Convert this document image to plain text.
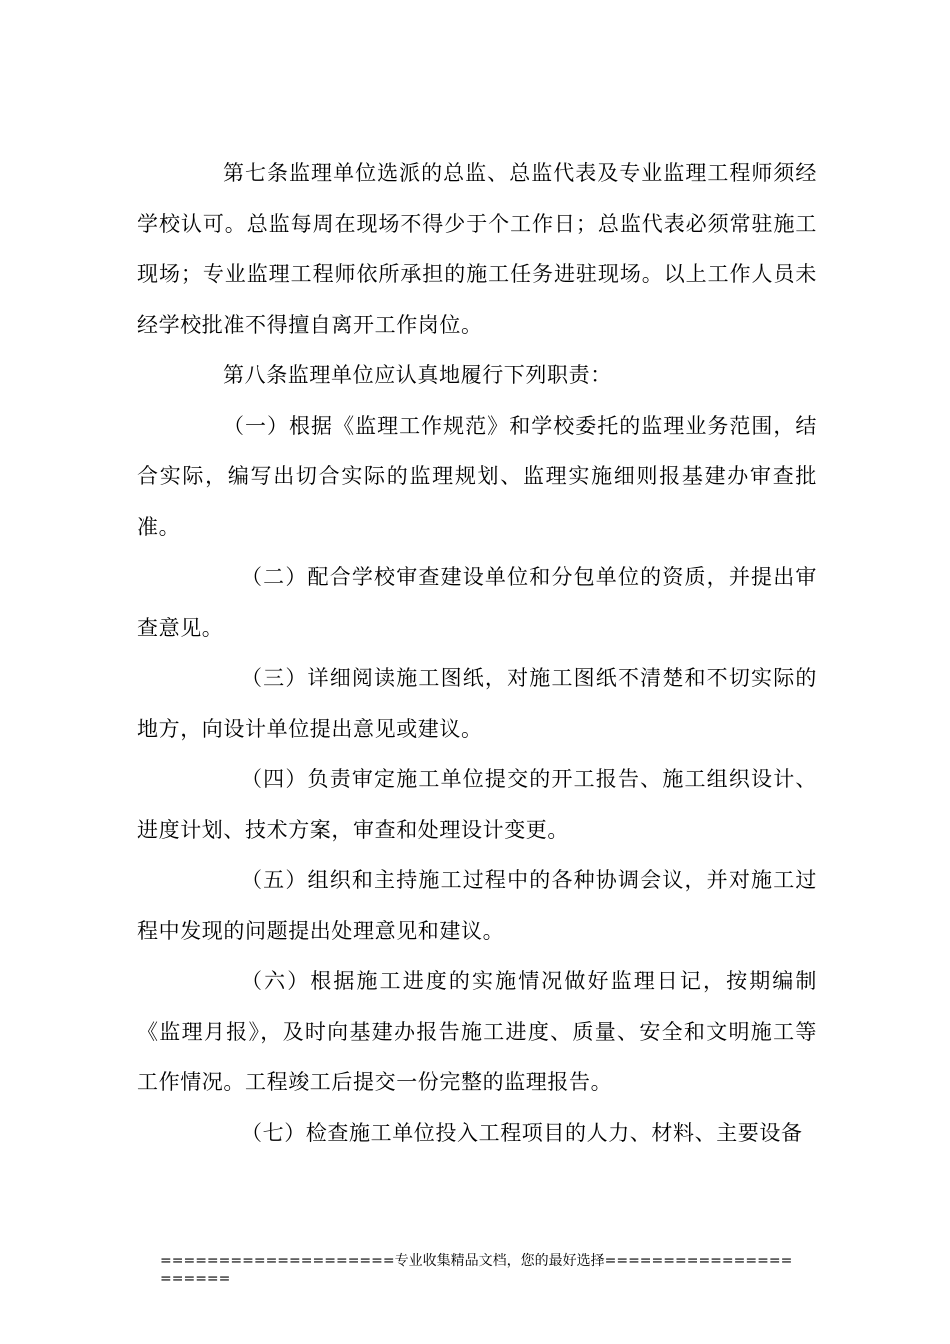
第七条监理单位选派的总监、总监代表及专业监理工程师须经学校认可。总监每周在现场不得少于个工作日；总监代表必须常驻施工现场；专业监理工程师依所承担的施工任务进驻现场。以上工作人员未经学校批准不得擅自离开工作岗位。

第八条监理单位应认真地履行下列职责：

（一）根据《监理工作规范》和学校委托的监理业务范围，结合实际，编写出切合实际的监理规划、监理实施细则报基建办审查批准。

（二）配合学校审查建设单位和分包单位的资质，并提出审查意见。

（三）详细阅读施工图纸，对施工图纸不清楚和不切实际的地方，向设计单位提出意见或建议。

（四）负责审定施工单位提交的开工报告、施工组织设计、进度计划、技术方案，审查和处理设计变更。

（五）组织和主持施工过程中的各种协调会议，并对施工过程中发现的问题提出处理意见和建议。

（六）根据施工进度的实施情况做好监理日记，按期编制《监理月报》，及时向基建办报告施工进度、质量、安全和文明施工等工作情况。工程竣工后提交一份完整的监理报告。

（七）检查施工单位投入工程项目的人力、材料、主要设备

====================专业收集精品文档，您的最好选择======================
